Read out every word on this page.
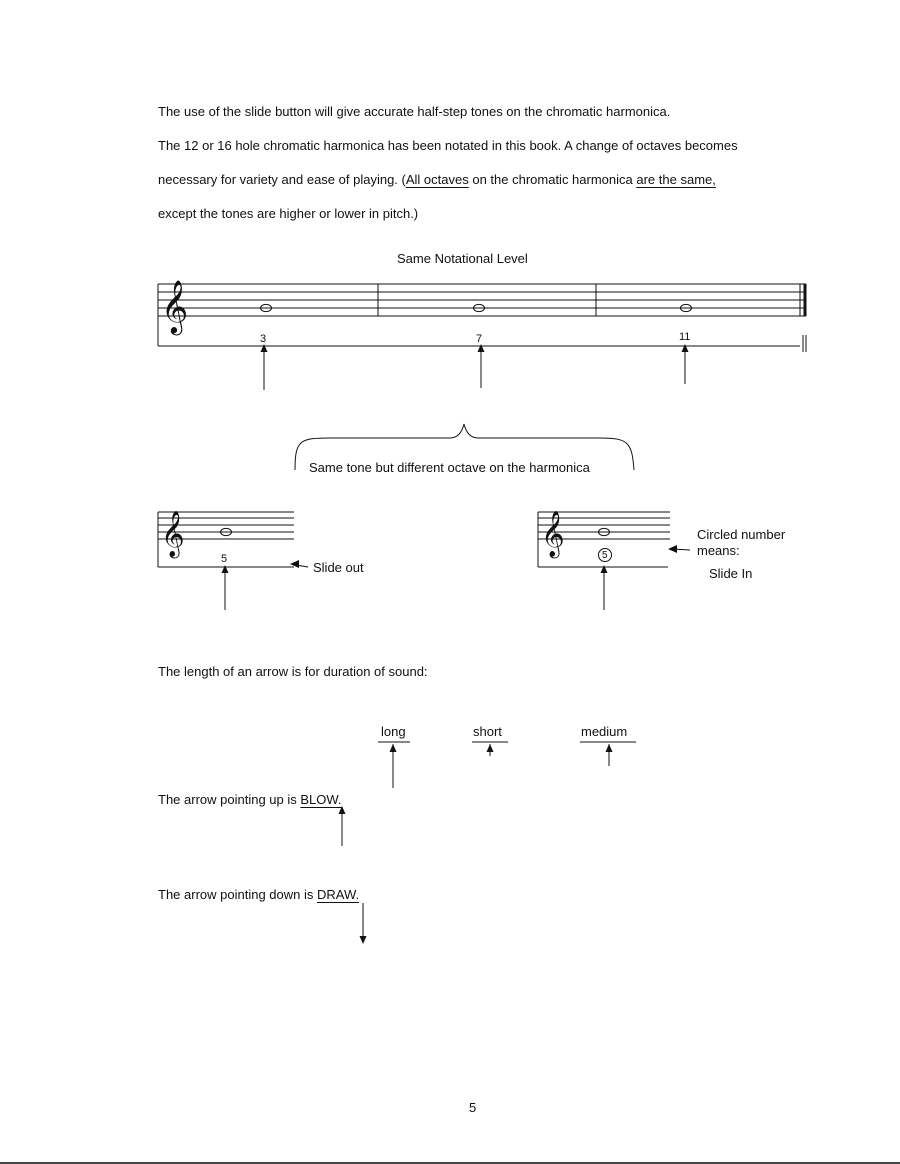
The use of the slide button will give accurate half-step tones on the chromatic harmonica.
The 12 or 16 hole chromatic harmonica has been notated in this book. A change of octaves becomes
necessary for variety and ease of playing. (All octaves on the chromatic harmonica are the same,
except the tones are higher or lower in pitch.)
Same Notational Level
𝄞
𝄞	𝄞
3	7	11
Same tone but different octave on the harmonica
5
Slide out
5
Circled number
means:
Slide In
The length of an arrow is for duration of sound:
long	short	medium
The arrow pointing up is BLOW.
The arrow pointing down is DRAW.
5
